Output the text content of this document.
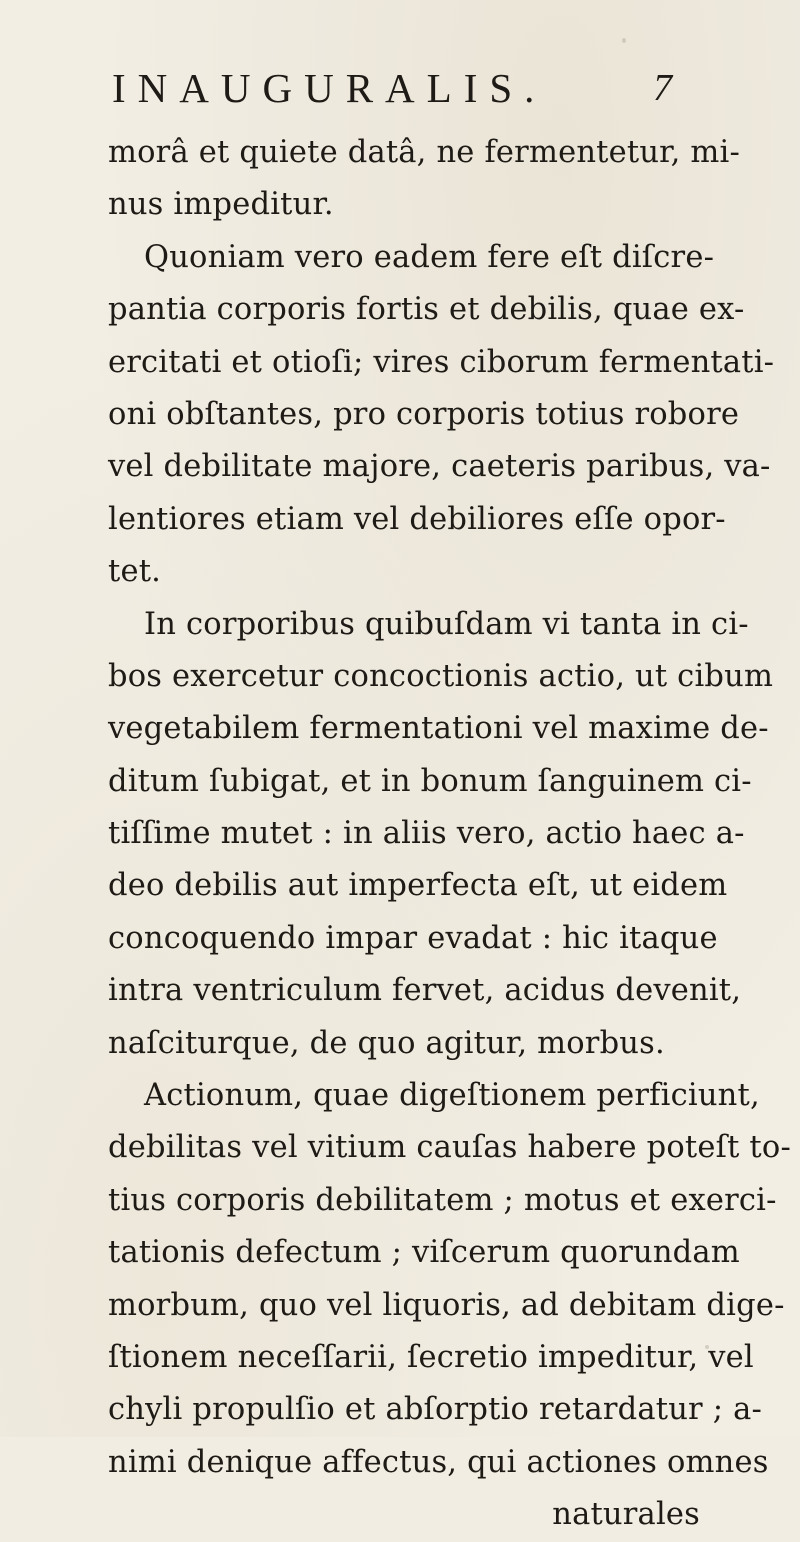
INAUGURALIS.	7
morâ et quiete datâ, ne fermentetur, mi-
nus impeditur.
Quoniam vero eadem fere eſt diſcre-
pantia corporis fortis et debilis, quae ex-
ercitati et otioſi; vires ciborum fermentati-
oni obſtantes, pro corporis totius robore
vel debilitate majore, caeteris paribus, va-
lentiores etiam vel debiliores eſſe opor-
tet.
In corporibus quibuſdam vi tanta in ci-
bos exercetur concoctionis actio, ut cibum
vegetabilem fermentationi vel maxime de-
ditum ſubigat, et in bonum ſanguinem ci-
tiſſime mutet : in aliis vero, actio haec a-
deo debilis aut imperfecta eſt, ut eidem
concoquendo impar evadat : hic itaque
intra ventriculum fervet, acidus devenit,
naſciturque, de quo agitur, morbus.
Actionum, quae digeſtionem perficiunt,
debilitas vel vitium cauſas habere poteſt to-
tius corporis debilitatem ; motus et exerci-
tationis defectum ; viſcerum quorundam
morbum, quo vel liquoris, ad debitam dige-
ſtionem neceſſarii, ſecretio impeditur, vel
chyli propulſio et abſorptio retardatur ; a-
nimi denique affectus, qui actiones omnes
naturales
